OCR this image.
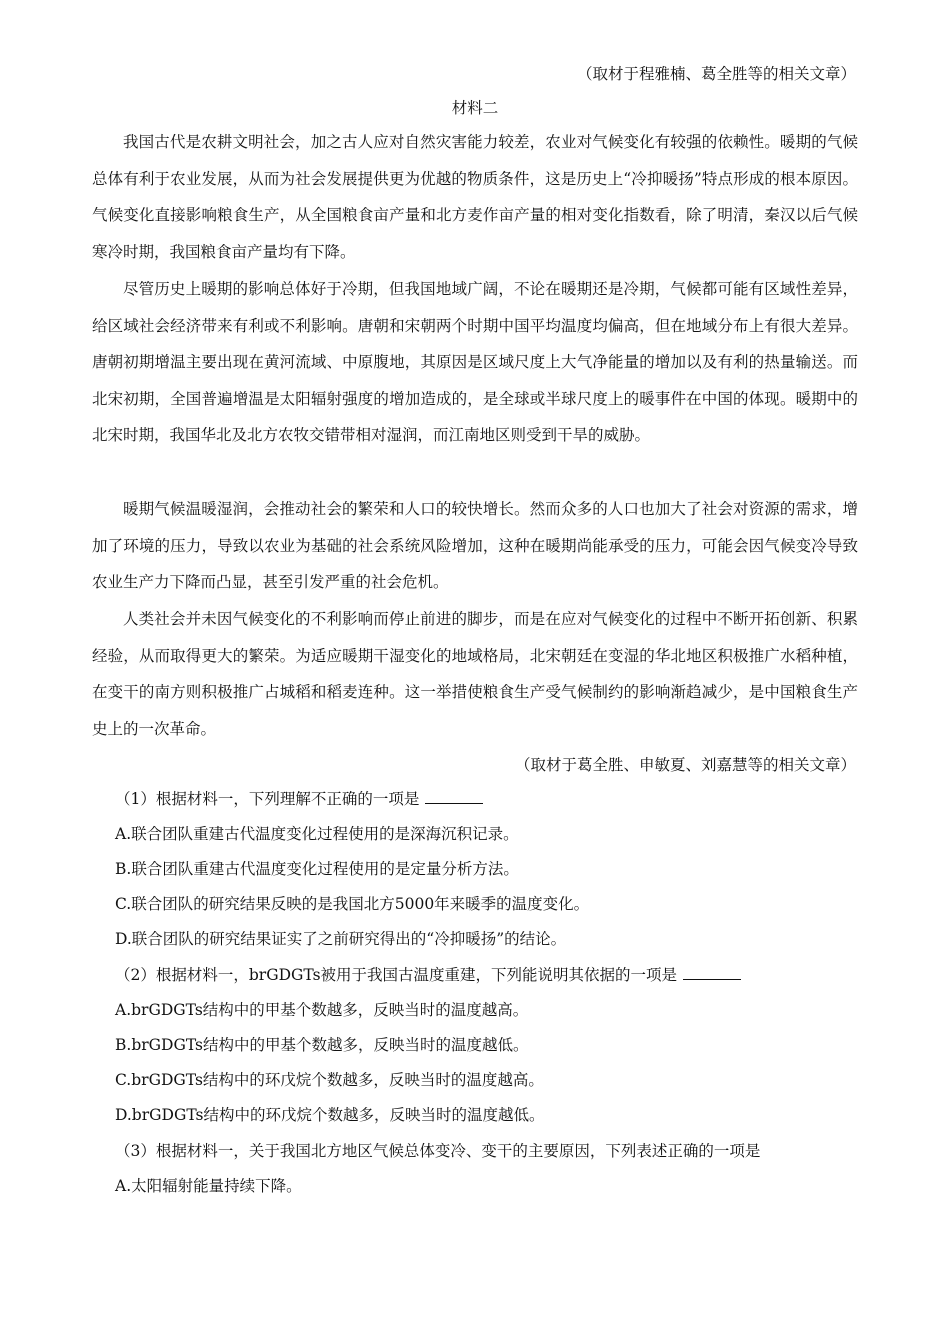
（取材于程雅楠、葛全胜等的相关文章）
材料二

我国古代是农耕文明社会，加之古人应对自然灾害能力较差，农业对气候变化有较强的依赖性。暖期的气候总体有利于农业发展，从而为社会发展提供更为优越的物质条件，这是历史上“冷抑暖扬”特点形成的根本原因。气候变化直接影响粮食生产，从全国粮食亩产量和北方麦作亩产量的相对变化指数看，除了明清，秦汉以后气候寒冷时期，我国粮食亩产量均有下降。

尽管历史上暖期的影响总体好于冷期，但我国地域广阔，不论在暖期还是冷期，气候都可能有区域性差异，给区域社会经济带来有利或不利影响。唐朝和宋朝两个时期中国平均温度均偏高，但在地域分布上有很大差异。唐朝初期增温主要出现在黄河流域、中原腹地，其原因是区域尺度上大气净能量的增加以及有利的热量输送。而北宋初期，全国普遍增温是太阳辐射强度的增加造成的，是全球或半球尺度上的暖事件在中国的体现。暖期中的北宋时期，我国华北及北方农牧交错带相对湿润，而江南地区则受到干旱的威胁。

暖期气候温暖湿润，会推动社会的繁荣和人口的较快增长。然而众多的人口也加大了社会对资源的需求，增加了环境的压力，导致以农业为基础的社会系统风险增加，这种在暖期尚能承受的压力，可能会因气候变冷导致农业生产力下降而凸显，甚至引发严重的社会危机。

人类社会并未因气候变化的不利影响而停止前进的脚步，而是在应对气候变化的过程中不断开拓创新、积累经验，从而取得更大的繁荣。为适应暖期干湿变化的地域格局，北宋朝廷在变湿的华北地区积极推广水稻种植，在变干的南方则积极推广占城稻和稻麦连种。这一举措使粮食生产受气候制约的影响渐趋减少，是中国粮食生产史上的一次革命。

（取材于葛全胜、申敏夏、刘嘉慧等的相关文章）
（1）根据材料一，下列理解不正确的一项是
A.联合团队重建古代温度变化过程使用的是深海沉积记录。
B.联合团队重建古代温度变化过程使用的是定量分析方法。
C.联合团队的研究结果反映的是我国北方5000年来暖季的温度变化。
D.联合团队的研究结果证实了之前研究得出的“冷抑暖扬”的结论。
（2）根据材料一，brGDGTs被用于我国古温度重建，下列能说明其依据的一项是
A.brGDGTs结构中的甲基个数越多，反映当时的温度越高。
B.brGDGTs结构中的甲基个数越多，反映当时的温度越低。
C.brGDGTs结构中的环戊烷个数越多，反映当时的温度越高。
D.brGDGTs结构中的环戊烷个数越多，反映当时的温度越低。
（3）根据材料一，关于我国北方地区气候总体变冷、变干的主要原因，下列表述正确的一项是
A.太阳辐射能量持续下降。
